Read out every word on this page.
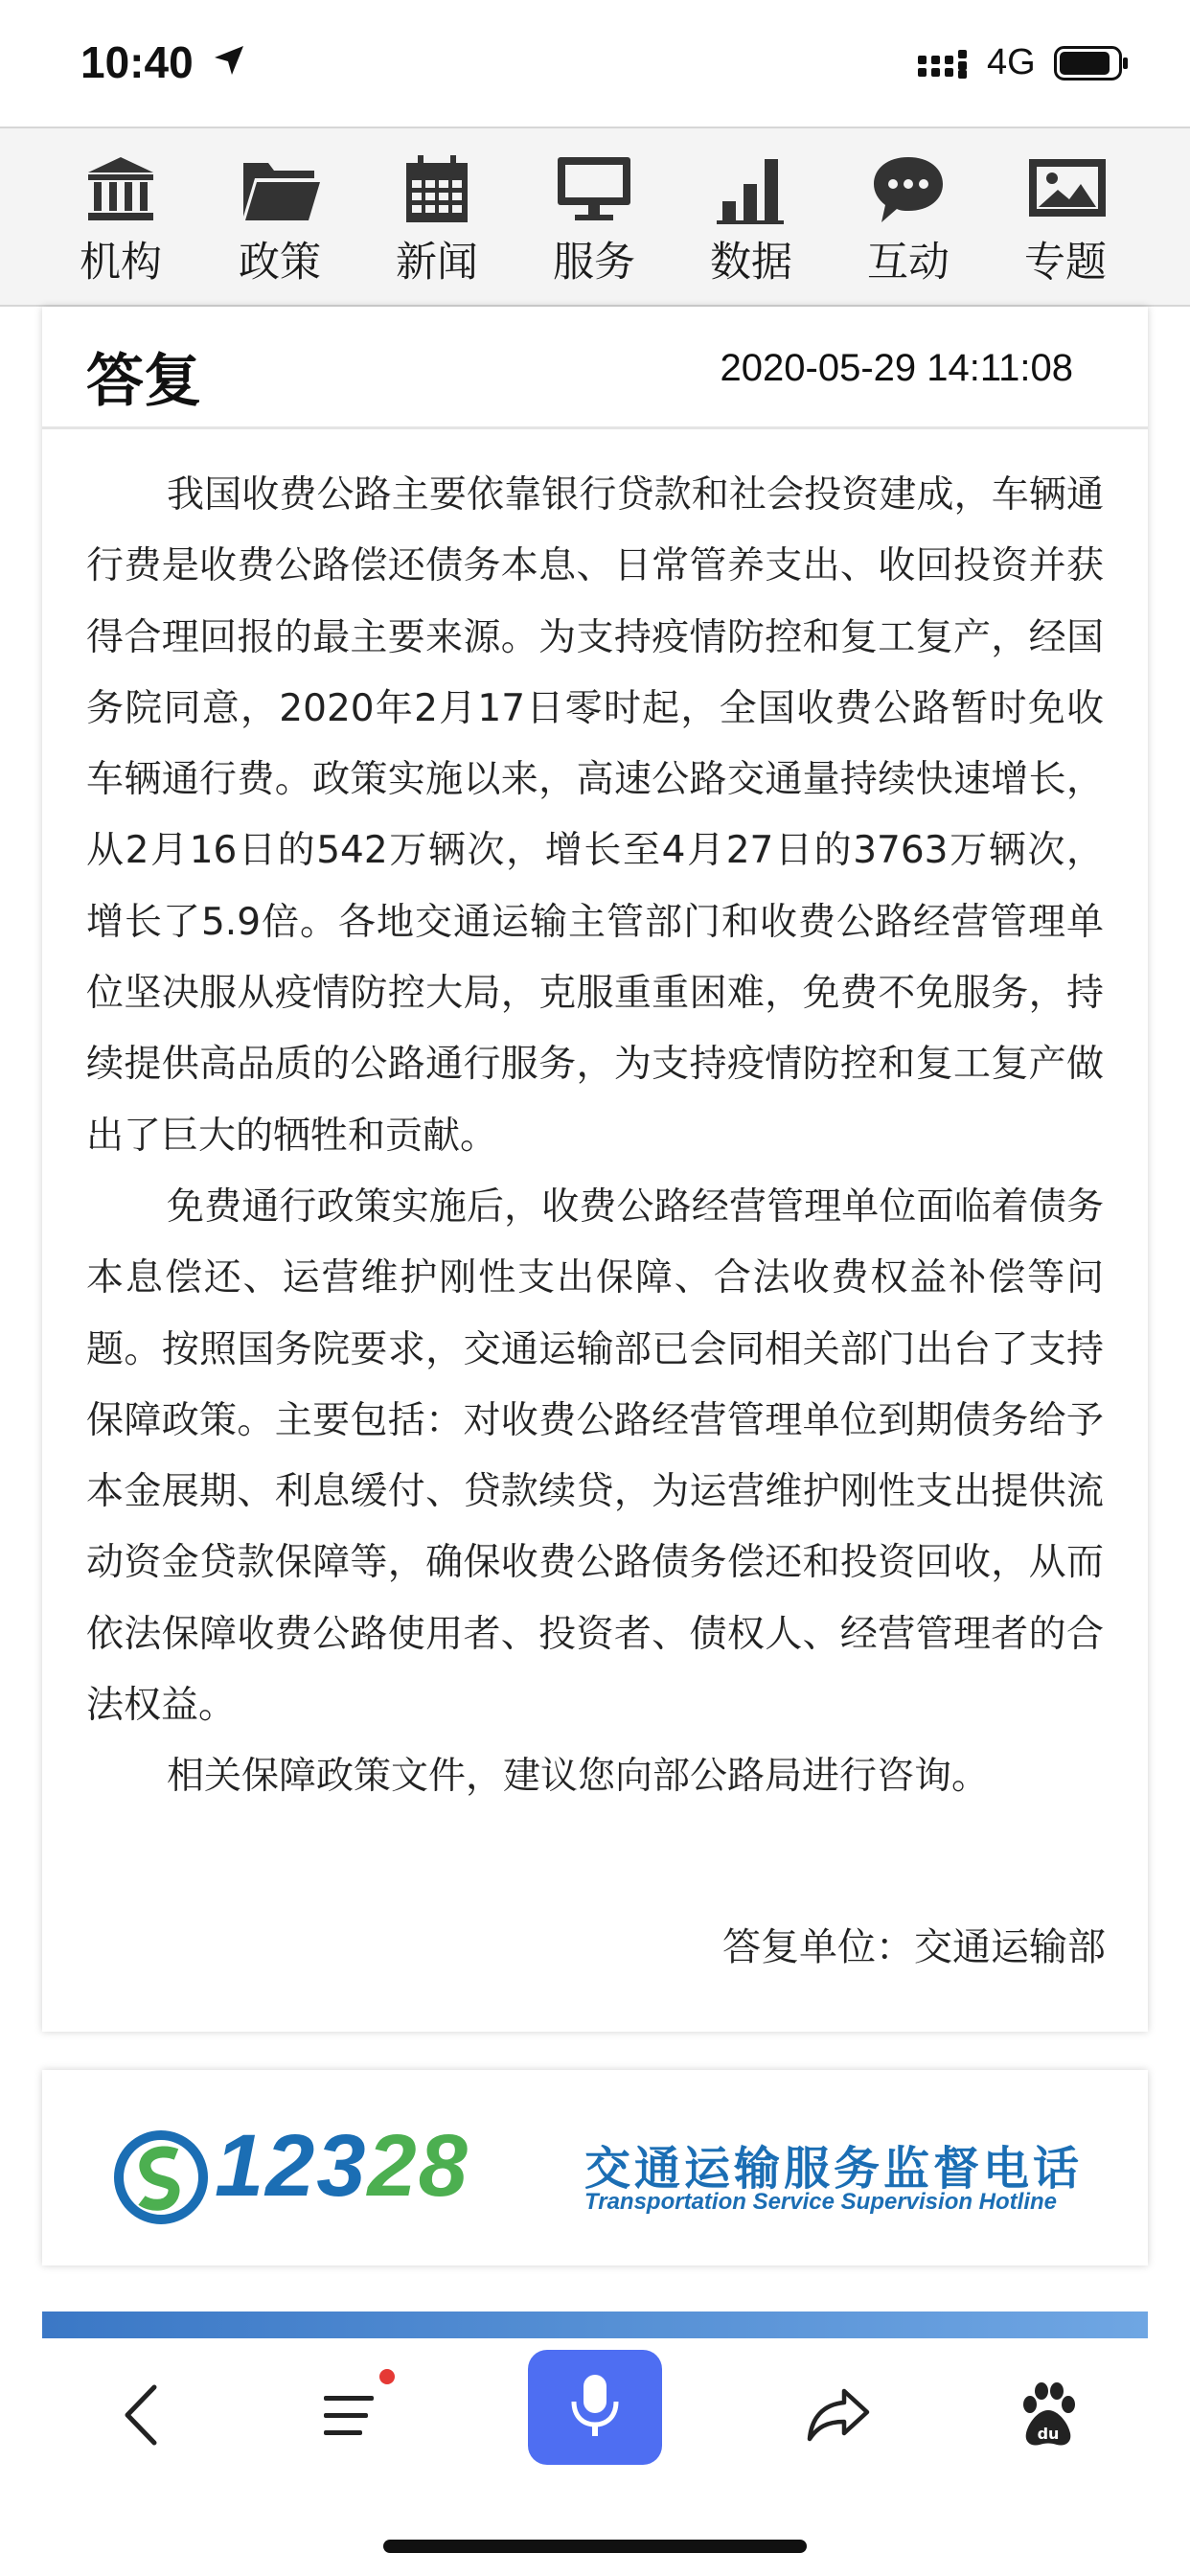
10:40	4G
机构	政策	新闻	服务	数据	互动	专题
答复	2020-05-29 14:11:08

我国收费公路主要依靠银行贷款和社会投资建成，车辆通行费是收费公路偿还债务本息、日常管养支出、收回投资并获得合理回报的最主要来源。为支持疫情防控和复工复产，经国务院同意，2020年2月17日零时起，全国收费公路暂时免收车辆通行费。政策实施以来，高速公路交通量持续快速增长，从2月16日的542万辆次，增长至4月27日的3763万辆次，增长了5.9倍。各地交通运输主管部门和收费公路经营管理单位坚决服从疫情防控大局，克服重重困难，免费不免服务，持续提供高品质的公路通行服务，为支持疫情防控和复工复产做出了巨大的牺牲和贡献。

免费通行政策实施后，收费公路经营管理单位面临着债务本息偿还、运营维护刚性支出保障、合法收费权益补偿等问题。按照国务院要求，交通运输部已会同相关部门出台了支持保障政策。主要包括：对收费公路经营管理单位到期债务给予本金展期、利息缓付、贷款续贷，为运营维护刚性支出提供流动资金贷款保障等，确保收费公路债务偿还和投资回收，从而依法保障收费公路使用者、投资者、债权人、经营管理者的合法权益。

相关保障政策文件，建议您向部公路局进行咨询。

答复单位：交通运输部
12328	交通运输服务监督电话
Transportation Service Supervision Hotline
du
